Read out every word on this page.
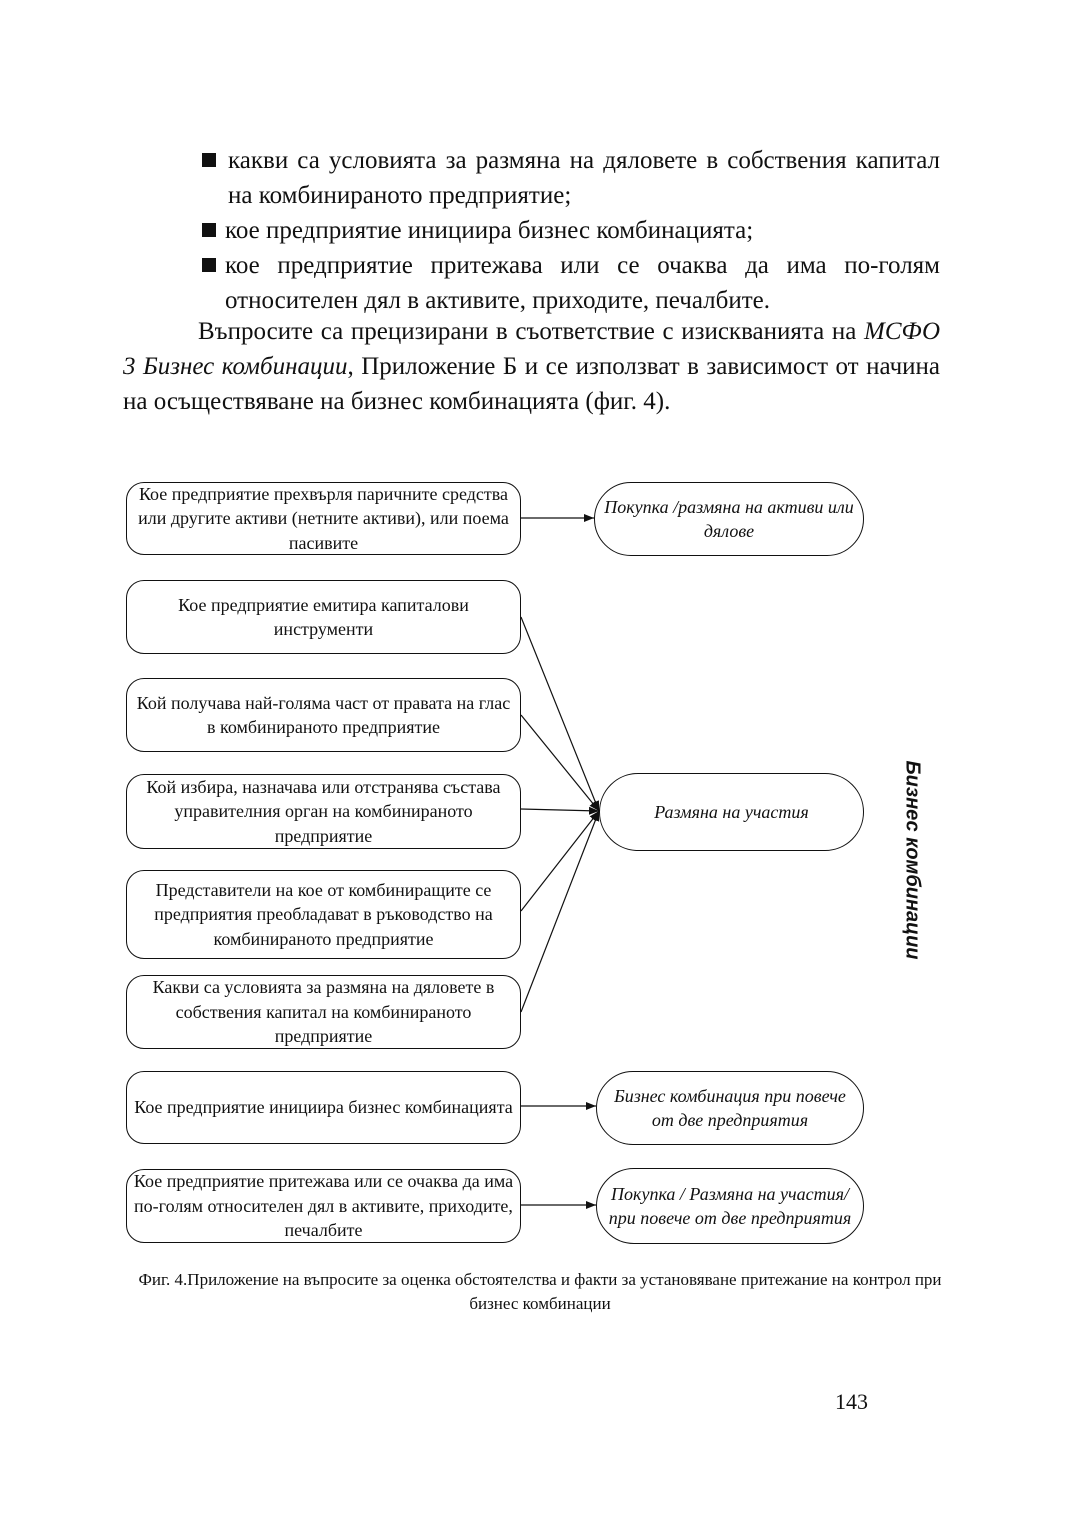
какви са условията за размяна на дяловете в собствения капитал на комбинираното предприятие;
кое предприятие инициира бизнес комбинацията;
кое предприятие притежава или се очаква да има по-голям относителен дял в активите, приходите, печалбите.

Въпросите са прецизирани в съответствие с изискванията на МСФО 3 Бизнес комбинации, Приложение Б и се използват в зависимост от начина на осъществяване на бизнес комбинацията (фиг. 4).

Кое предприятие прехвърля паричните средства или другите активи (нетните активи), или поема пасивите
Кое предприятие емитира капиталови инструменти
Кой получава най-голяма част от правата на глас в комбинираното предприятие
Кой избира, назначава или отстранява състава управителния орган на комбинираното предприятие
Представители на кое от комбиниращите се предприятия преобладават в ръководство на комбинираното предприятие
Какви са условията за размяна на дяловете в собствения капитал на комбинираното предприятие
Кое предприятие инициира бизнес комбинацията
Кое предприятие притежава или се очаква да има по-голям относителен дял в активите, приходите, печалбите
Покупка /размяна на активи или дялове
Размяна на участия
Бизнес комбинация при повече от две предприятия
Покупка / Размяна на участия/ при повече от две предприятия
Бизнес комбинации
Фиг. 4.Приложение на въпросите за оценка обстоятелства и факти за установяване притежание на контрол при бизнес комбинации
143
